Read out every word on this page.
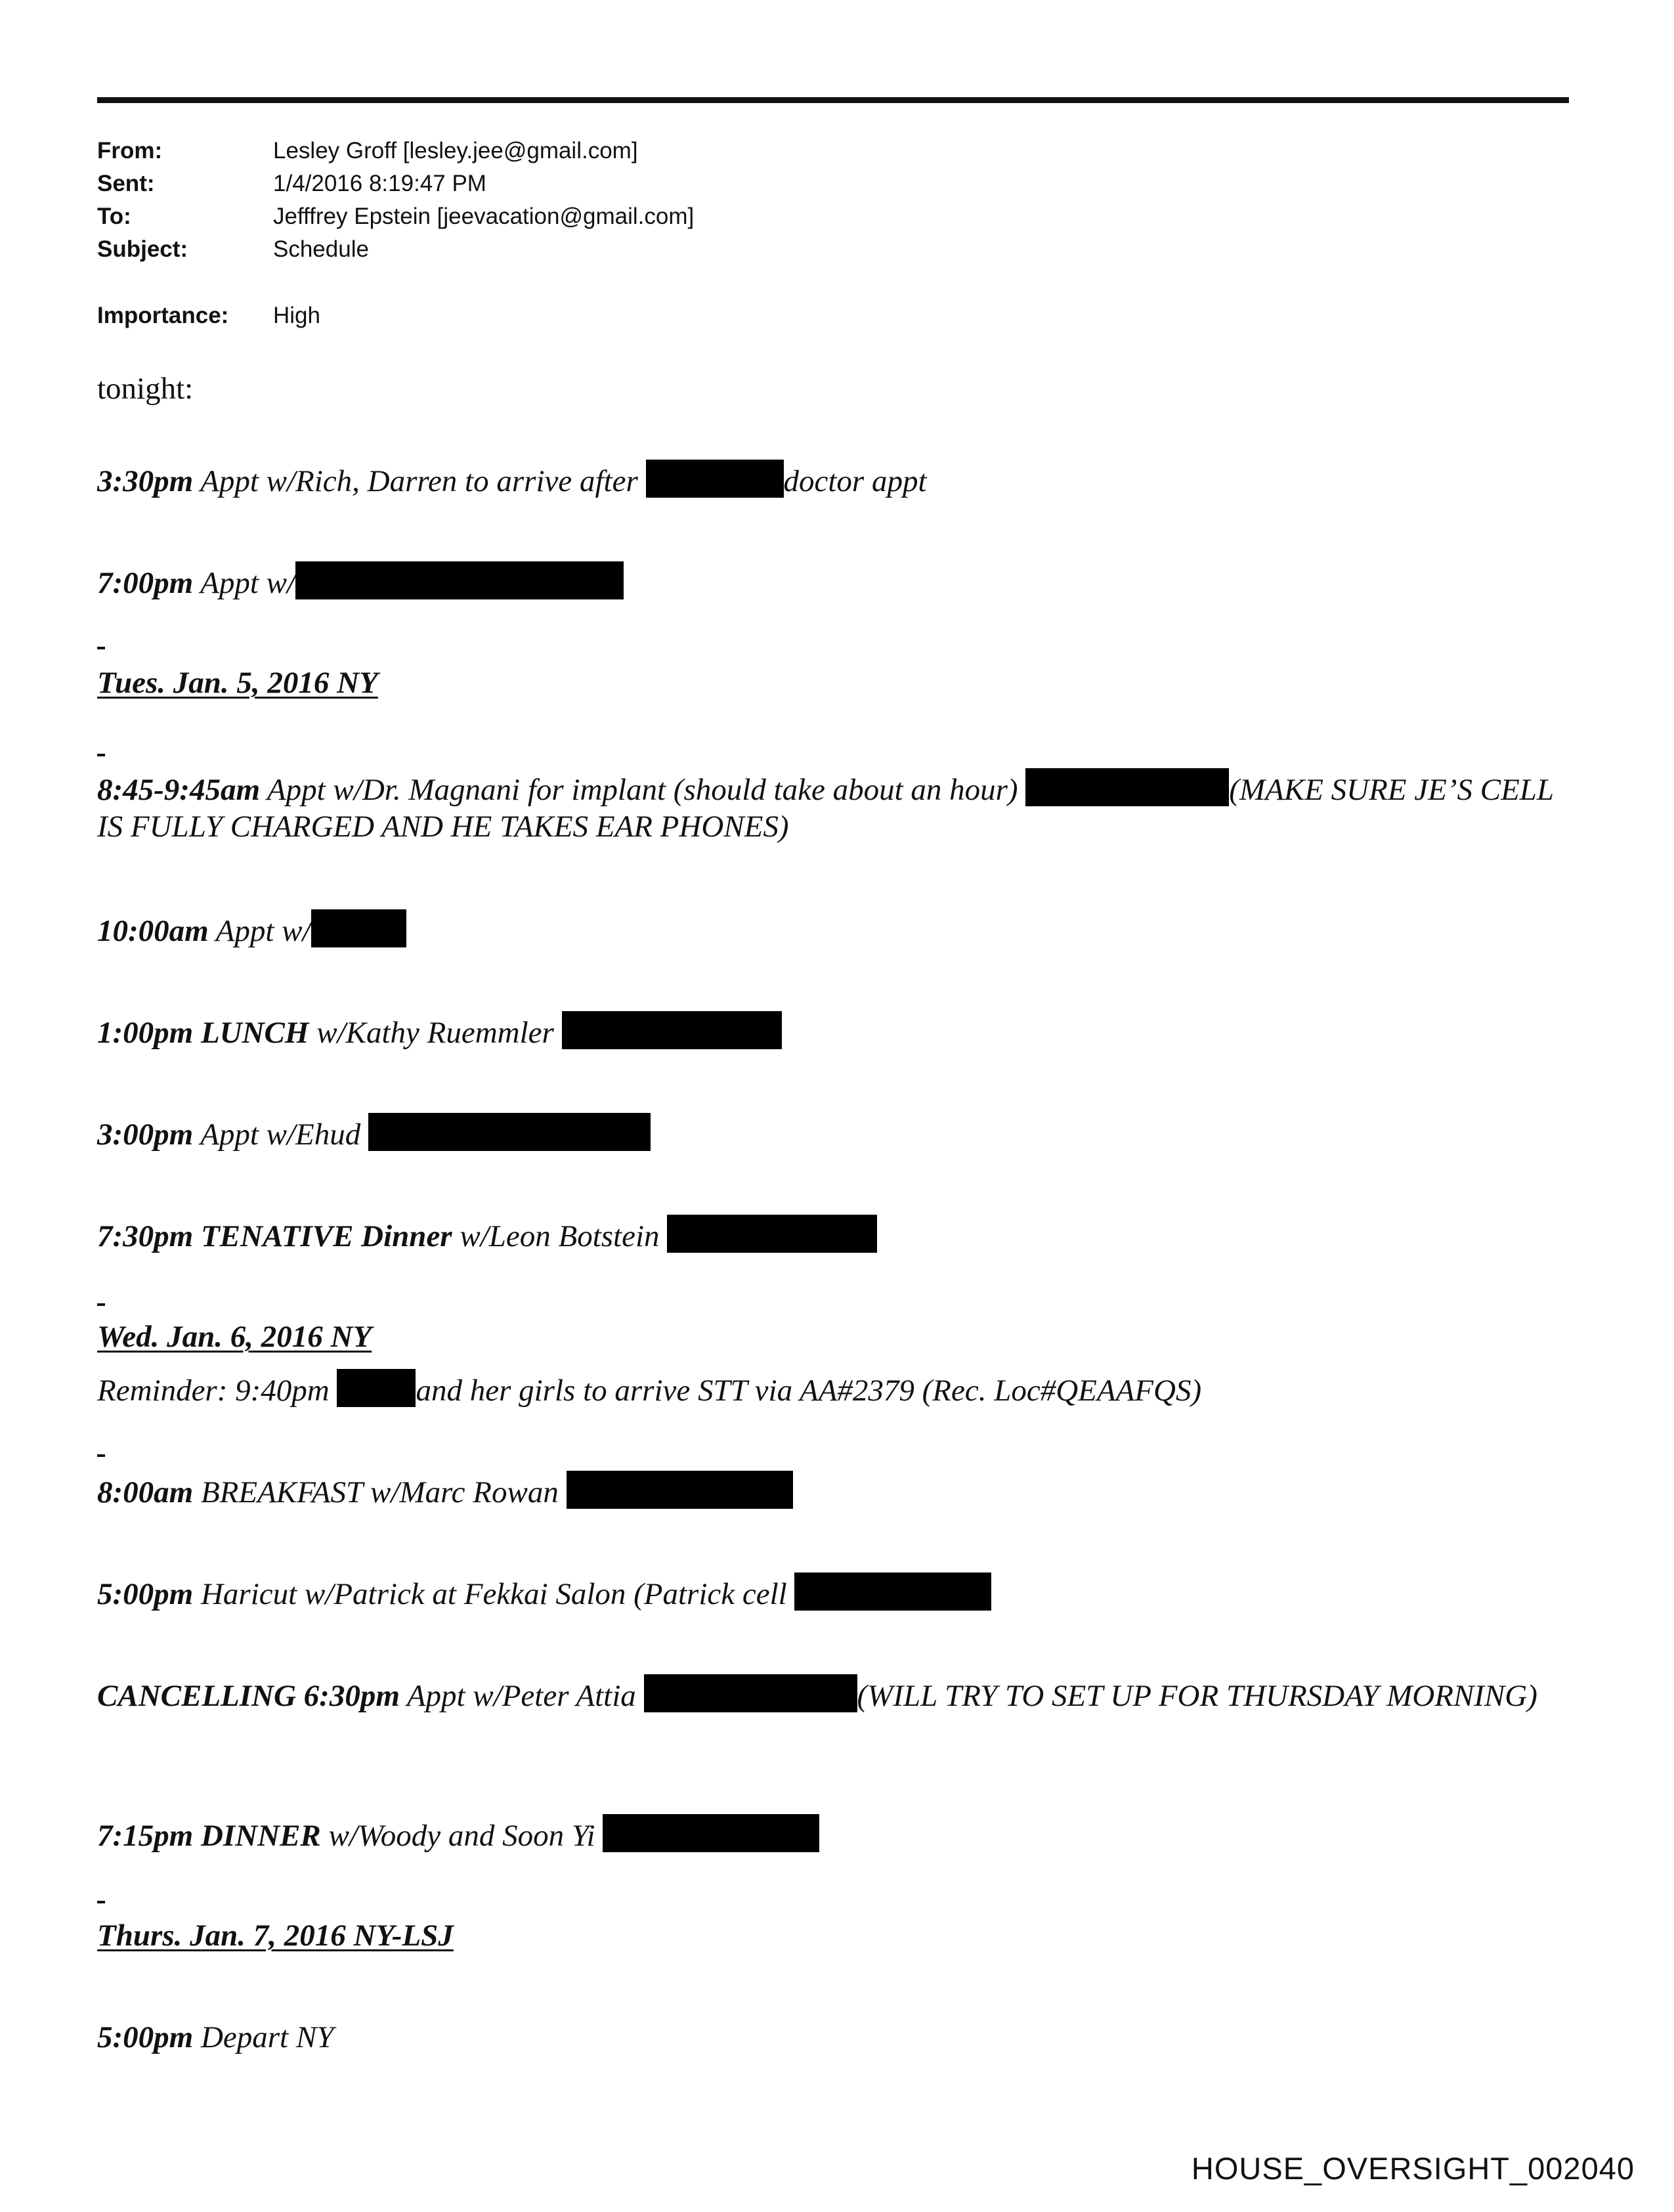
From:	Lesley Groff [lesley.jee@gmail.com]
Sent:	1/4/2016 8:19:47 PM
To:	Jefffrey Epstein [jeevacation@gmail.com]
Subject:	Schedule
Importance: High
tonight:
3:30pm Appt w/Rich, Darren to arrive after	doctor appt
7:00pm Appt w/
Tues. Jan. 5, 2016 NY
8:45-9:45am Appt w/Dr. Magnani for implant (should take about an hour)	(MAKE SURE JE’S CELL IS FULLY CHARGED AND HE TAKES EAR PHONES)
10:00am Appt w/
1:00pm LUNCH w/Kathy Ruemmler
3:00pm Appt w/Ehud
7:30pm TENATIVE Dinner w/Leon Botstein
Wed. Jan. 6, 2016 NY
Reminder: 9:40pm	and her girls to arrive STT via AA#2379 (Rec. Loc#QEAAFQS)
8:00am BREAKFAST w/Marc Rowan
5:00pm Haricut w/Patrick at Fekkai Salon (Patrick cell
CANCELLING 6:30pm Appt w/Peter Attia	(WILL TRY TO SET UP FOR THURSDAY MORNING)
7:15pm DINNER w/Woody and Soon Yi
Thurs. Jan. 7, 2016 NY-LSJ
5:00pm Depart NY
HOUSE_OVERSIGHT_002040
